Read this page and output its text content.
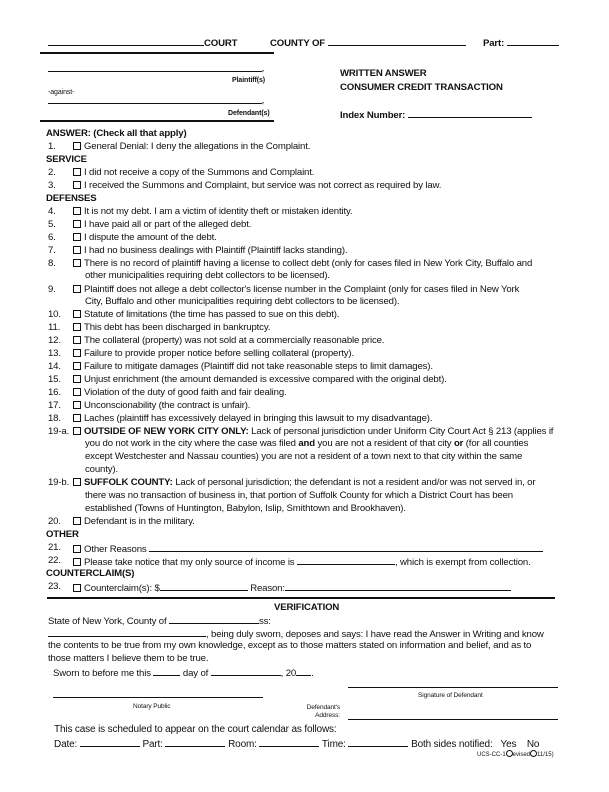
COURT	COUNTY OF	Part:
,
Plaintiff(s)
-against-
,
Defendant(s)
WRITTEN ANSWER
CONSUMER CREDIT TRANSACTION
Index Number:
ANSWER: (Check all that apply)
1.	General Denial: I deny the allegations in the Complaint.
SERVICE
2.	I did not receive a copy of the Summons and Complaint.
3.	I received the Summons and Complaint, but service was not correct as required by law.
DEFENSES
4.	It is not my debt. I am a victim of identity theft or mistaken identity.
5.	I have paid all or part of the alleged debt.
6.	I dispute the amount of the debt.
7.	I had no business dealings with Plaintiff (Plaintiff lacks standing).
8.	There is no record of plaintiff having a license to collect debt (only for cases filed in New York City, Buffalo and
other municipalities requiring debt collectors to be licensed).
9.	Plaintiff does not allege a debt collector's license number in the Complaint (only for cases filed in New York
City, Buffalo and other municipalities requiring debt collectors to be licensed).
10.	Statute of limitations (the time has passed to sue on this debt).
11.	This debt has been discharged in bankruptcy.
12.	The collateral (property) was not sold at a commercially reasonable price.
13.	Failure to provide proper notice before selling collateral (property).
14.	Failure to mitigate damages (Plaintiff did not take reasonable steps to limit damages).
15.	Unjust enrichment (the amount demanded is excessive compared with the original debt).
16.	Violation of the duty of good faith and fair dealing.
17.	Unconscionability (the contract is unfair).
18.	Laches (plaintiff has excessively delayed in bringing this lawsuit to my disadvantage).
19-a.	OUTSIDE OF NEW YORK CITY ONLY: Lack of personal jurisdiction under Uniform City Court Act § 213 (applies if
you do not work in the city where the case was filed and you are not a resident of that city or (for all counties
except Westchester and Nassau counties) you are not a resident of a town next to that city within the same
county).
19-b.	SUFFOLK COUNTY: Lack of personal jurisdiction; the defendant is not a resident and/or was not served in, or
there was no transaction of business in, that portion of Suffolk County for which a District Court has been
established (Towns of Huntington, Babylon, Islip, Smithtown and Brookhaven).
20.	Defendant is in the military.
OTHER
21.	Other Reasons
22.	Please take notice that my only source of income is	, which is exempt from collection.
COUNTERCLAIM(S)
23.	Counterclaim(s): $	Reason:
VERIFICATION
State of New York, County of	ss:
, being duly sworn, deposes and says: I have read the Answer in Writing and know
the contents to be true from my own knowledge, except as to those matters stated on information and belief, and as to
those matters I believe them to be true.
Sworn to before me this	day of	, 20 .
Signature of Defendant
Notary Public	Defendant's
Address:
This case is scheduled to appear on the court calendar as follows:
Date:	Part:	Room:	Time:	Both sides notified: Yes No
UCS-CC-1○evised○11/15)
